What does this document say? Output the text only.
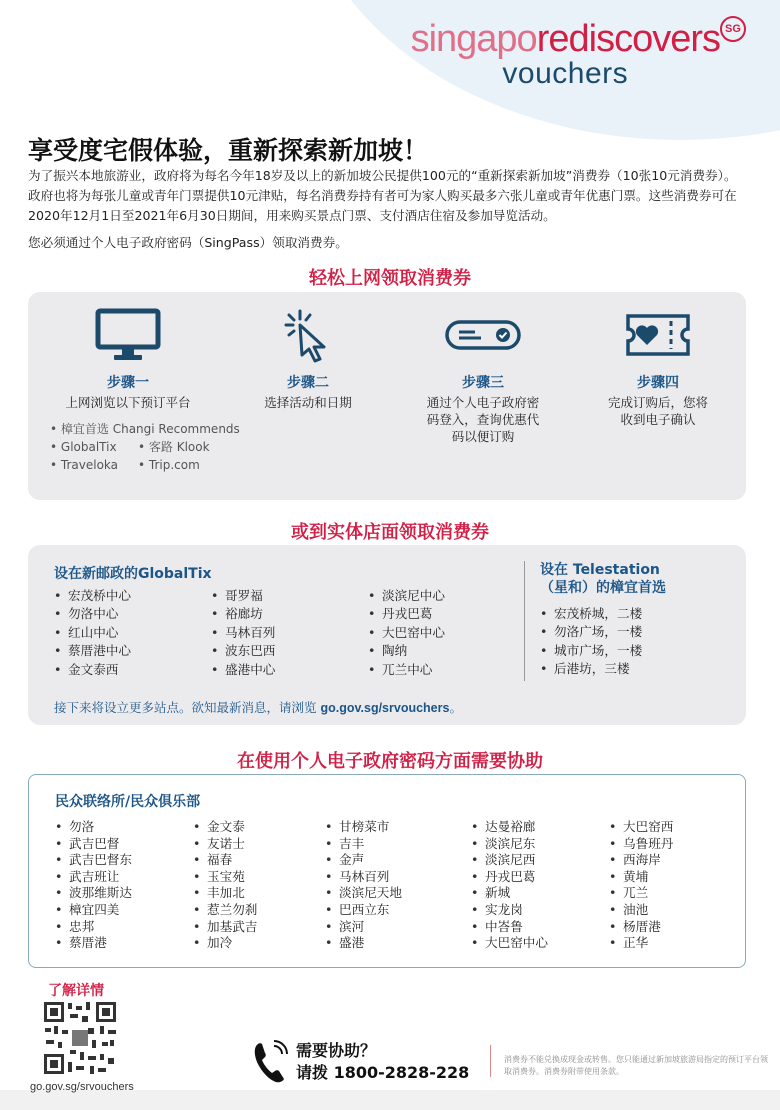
singaporediscovers SG
vouchers
享受度宅假体验，重新探索新加坡！
为了振兴本地旅游业，政府将为每名今年18岁及以上的新加坡公民提供100元的“重新探索新加坡”消费券（10张10元消费券）。政府也将为每张儿童或青年门票提供10元津贴，每名消费券持有者可为家人购买最多六张儿童或青年优惠门票。这些消费券可在2020年12月1日至2021年6月30日期间，用来购买景点门票、支付酒店住宿及参加导览活动。
您必须通过个人电子政府密码（SingPass）领取消费券。
轻松上网领取消费券
步骤一
上网浏览以下预订平台
• 樟宜首选 Changi Recommends
• GlobalTix • 客路 Klook
• Traveloka • Trip.com
步骤二
选择活动和日期
步骤三
通过个人电子政府密码登入，查询优惠代码以便订购
步骤四
完成订购后，您将收到电子确认
或到实体店面领取消费券
设在新邮政的GlobalTix
• 宏茂桥中心
• 勿洛中心
• 红山中心
• 蔡厝港中心
• 金文泰西
• 哥罗福
• 裕廊坊
• 马林百列
• 波东巴西
• 盛港中心
• 淡滨尼中心
• 丹戎巴葛
• 大巴窑中心
• 陶纳
• 兀兰中心
设在 Telestation
（星和）的樟宜首选
• 宏茂桥城，二楼
• 勿洛广场，一楼
• 城市广场，一楼
• 后港坊，三楼
接下来将设立更多站点。欲知最新消息，请浏览 go.gov.sg/srvouchers。
在使用个人电子政府密码方面需要协助
民众联络所/民众俱乐部
• 勿洛
• 武吉巴督
• 武吉巴督东
• 武吉班让
• 波那维斯达
• 樟宜四美
• 忠邦
• 蔡厝港
• 金文泰
• 友诺士
• 福春
• 玉宝苑
• 丰加北
• 惹兰勿刹
• 加基武吉
• 加冷
• 甘榜菜市
• 吉丰
• 金声
• 马林百列
• 淡滨尼天地
• 巴西立东
• 滨河
• 盛港
• 达曼裕廊
• 淡滨尼东
• 淡滨尼西
• 丹戎巴葛
• 新城
• 实龙岗
• 中峇鲁
• 大巴窑中心
• 大巴窑西
• 乌鲁班丹
• 西海岸
• 黄埔
• 兀兰
• 油池
• 杨厝港
• 正华
了解详情
go.gov.sg/srvouchers
需要协助？
请拨 1800-2828-228
消费券不能兑换成现金或转售。您只能通过新加坡旅游局指定的预订平台领取消费券。消费券附带使用条款。
